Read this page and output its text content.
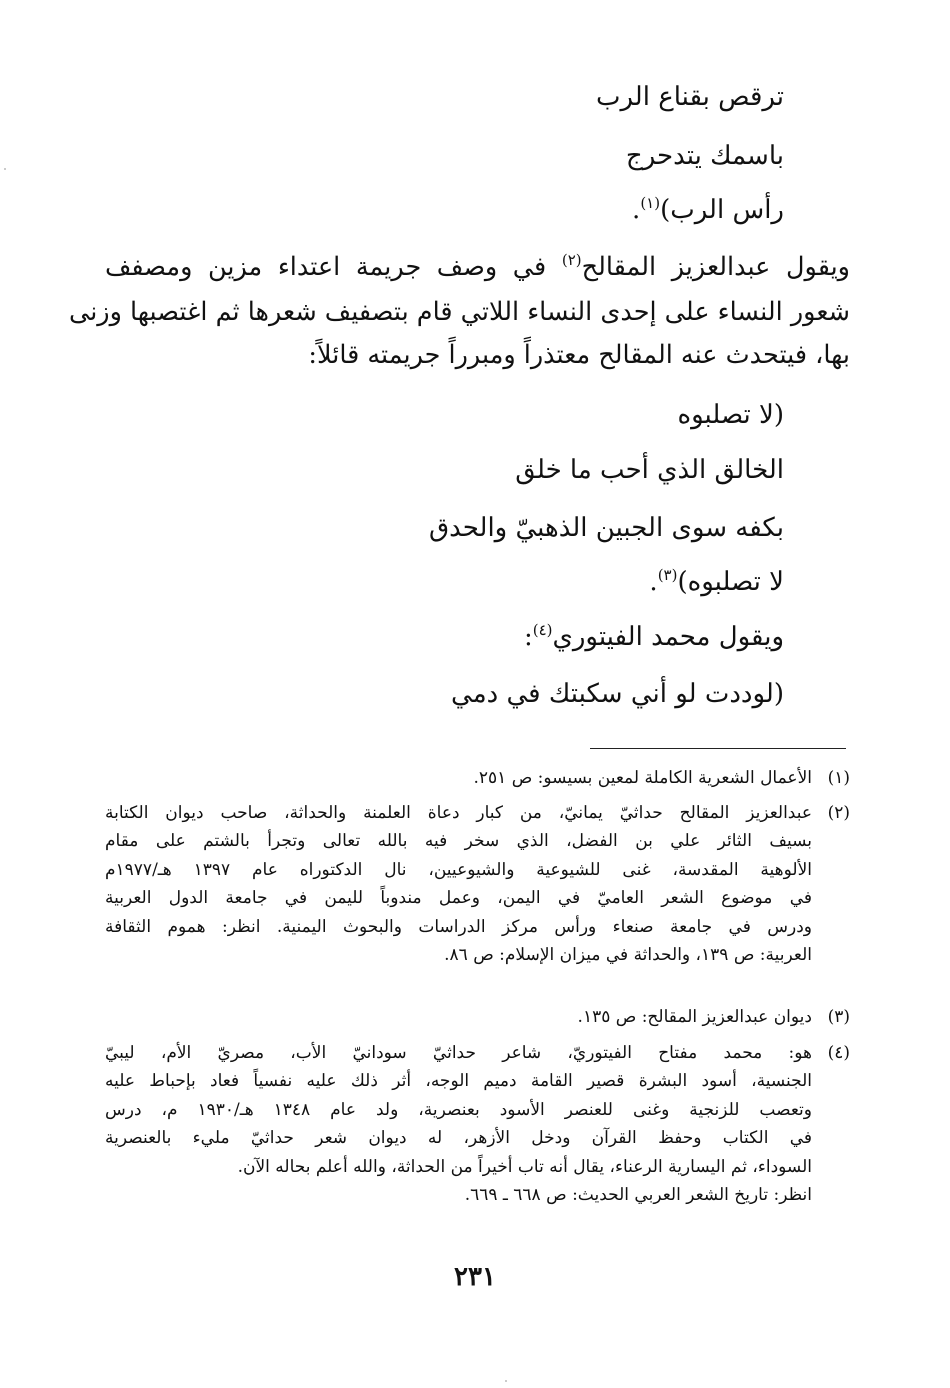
ترقص بقناع الرب
باسمك يتدحرج
رأس الرب)$^{(١)}$.
ويقول عبدالعزيز المقالح$^{(٢)}$ في وصف جريمة اعتداء مزين ومصفف
شعور النساء على إحدى النساء اللاتي قام بتصفيف شعرها ثم اغتصبها وزنى
بها، فيتحدث عنه المقالح معتذراً ومبرراً جريمته قائلاً:
(لا تصلبوه
الخالق الذي أحب ما خلق
بكفه سوى الجبين الذهبيّ والحدق
لا تصلبوه)$^{(٣)}$.
ويقول محمد الفيتوري$^{(٤)}$:
(لوددت لو أني سكبتك في دمي
(١)
الأعمال الشعرية الكاملة لمعين بسيسو: ص ٢٥١.
(٢)
عبدالعزيز المقالح حداثيّ يمانيّ، من كبار دعاة العلمنة والحداثة، صاحب ديوان الكتابة
بسيف الثائر علي بن الفضل، الذي سخر فيه بالله تعالى وتجرأ بالشتم على مقام
الألوهية المقدسة، غنى للشيوعية والشيوعيين، نال الدكتوراه عام ١٣٩٧ هـ/١٩٧٧م
في موضوع الشعر العاميّ في اليمن، وعمل مندوباً لليمن في جامعة الدول العربية
ودرس في جامعة صنعاء ورأس مركز الدراسات والبحوث اليمنية. انظر: هموم الثقافة
العربية: ص ١٣٩، والحداثة في ميزان الإسلام: ص ٨٦.
(٣)
ديوان عبدالعزيز المقالح: ص ١٣٥.
(٤)
هو: محمد مفتاح الفيتوريّ، شاعر حداثيّ سودانيّ الأب، مصريّ الأم، ليبيّ
الجنسية، أسود البشرة قصير القامة دميم الوجه، أثر ذلك عليه نفسياً فعاد بإحباط عليه
وتعصب للزنجية وغنى للعنصر الأسود بعنصرية، ولد عام ١٣٤٨ هـ/١٩٣٠ م، درس
في الكتاب وحفظ القرآن ودخل الأزهر، له ديوان شعر حداثيّ مليء بالعنصرية
السوداء، ثم اليسارية الرعناء، يقال أنه تاب أخيراً من الحداثة، والله أعلم بحاله الآن.
انظر: تاريخ الشعر العربي الحديث: ص ٦٦٨ ـ ٦٦٩.
٢٣١
